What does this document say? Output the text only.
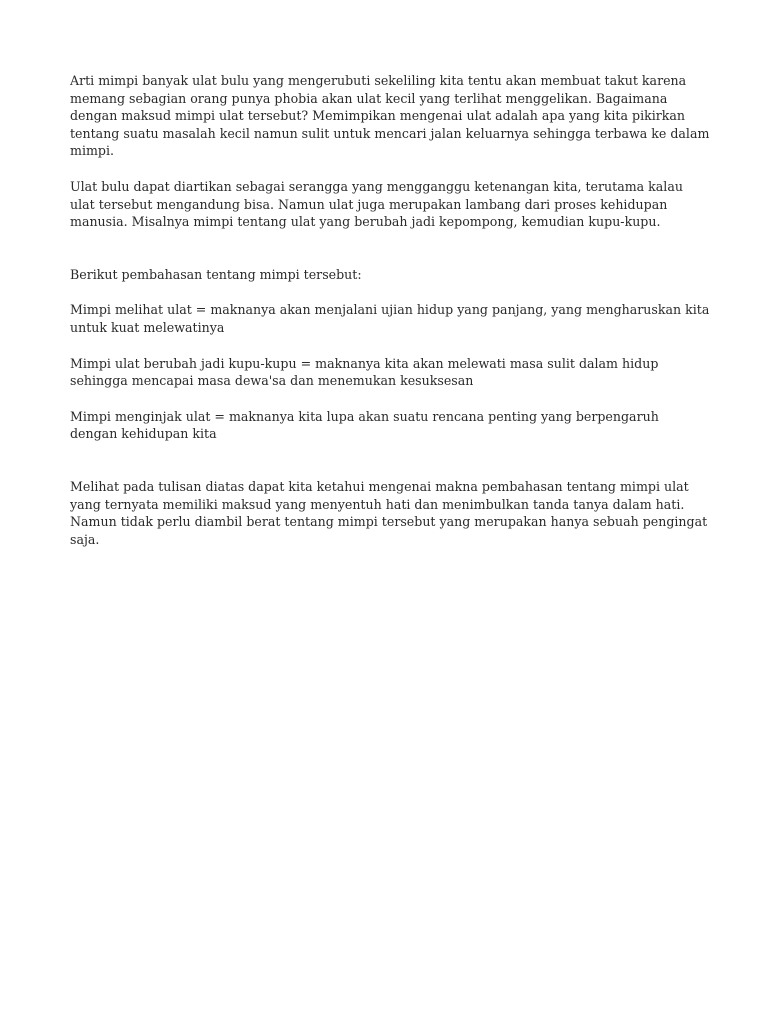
Arti mimpi banyak ulat bulu yang mengerubuti sekeliling kita tentu akan membuat takut karena memang sebagian orang punya phobia akan ulat kecil yang terlihat menggelikan. Bagaimana dengan maksud mimpi ulat tersebut? Memimpikan mengenai ulat adalah apa yang kita pikirkan tentang suatu masalah kecil namun sulit untuk mencari jalan keluarnya sehingga terbawa ke dalam mimpi.

Ulat bulu dapat diartikan sebagai serangga yang mengganggu ketenangan kita, terutama kalau ulat tersebut mengandung bisa. Namun ulat juga merupakan lambang dari proses kehidupan manusia. Misalnya mimpi tentang ulat yang berubah jadi kepompong, kemudian kupu-kupu.

Berikut pembahasan tentang mimpi tersebut:

Mimpi melihat ulat = maknanya akan menjalani ujian hidup yang panjang, yang mengharuskan kita untuk kuat melewatinya

Mimpi ulat berubah jadi kupu-kupu = maknanya kita akan melewati masa sulit dalam hidup sehingga mencapai masa dewa'sa dan menemukan kesuksesan

Mimpi menginjak ulat = maknanya kita lupa akan suatu rencana penting yang berpengaruh dengan kehidupan kita

Melihat pada tulisan diatas dapat kita ketahui mengenai makna pembahasan tentang mimpi ulat yang ternyata memiliki maksud yang menyentuh hati dan menimbulkan tanda tanya dalam hati. Namun tidak perlu diambil berat tentang mimpi tersebut yang merupakan hanya sebuah pengingat saja.
